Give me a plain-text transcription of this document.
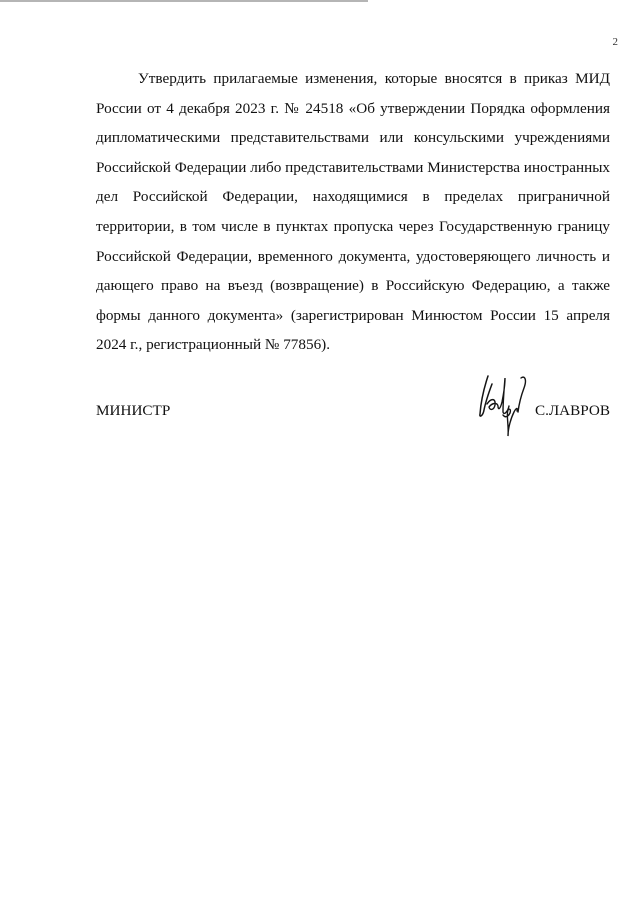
2

Утвердить прилагаемые изменения, которые вносятся в приказ МИД России от 4 декабря 2023 г. № 24518 «Об утверждении Порядка оформления дипломатическими представительствами или консульскими учреждениями Российской Федерации либо представительствами Министерства иностранных дел Российской Федерации, находящимися в пределах приграничной территории, в том числе в пунктах пропуска через Государственную границу Российской Федерации, временного документа, удостоверяющего личность и дающего право на въезд (возвращение) в Российскую Федерацию, а также формы данного документа» (зарегистрирован Минюстом России 15 апреля 2024 г., регистрационный № 77856).

МИНИСТР	С.ЛАВРОВ
